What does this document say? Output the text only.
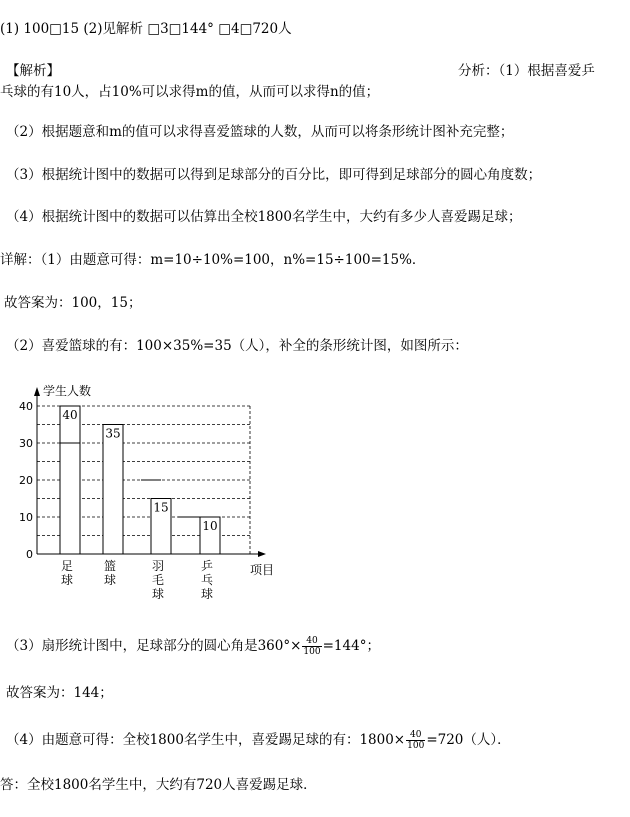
(1) 100□15 (2)见解析 □3□144° □4□720人
【解析】	分析：（1）根据喜爱乒
乓球的有10人，占10%可以求得m的值，从而可以求得n的值；
（2）根据题意和m的值可以求得喜爱篮球的人数，从而可以将条形统计图补充完整；
（3）根据统计图中的数据可以得到足球部分的百分比，即可得到足球部分的圆心角度数；
（4）根据统计图中的数据可以估算出全校1800名学生中，大约有多少人喜爱踢足球；
详解：（1）由题意可得：m=10÷10%=100，n%=15÷100=15%．
故答案为：100，15；
（2）喜爱篮球的有：100×35%=35（人），补全的条形统计图，如图所示：
0
10
20
30
40
学生人数
项目
40
足
球
35
篮
球
15
羽
毛
球
10
乒
乓
球
（3）扇形统计图中，足球部分的圆心角是$360^\circ\times \frac{40}{100} =144^\circ$；
故答案为：144；
（4）由题意可得：全校1800名学生中，喜爱踢足球的有：$1800\times \frac{40}{100} =720$（人）．
答：全校1800名学生中，大约有720人喜爱踢足球．
